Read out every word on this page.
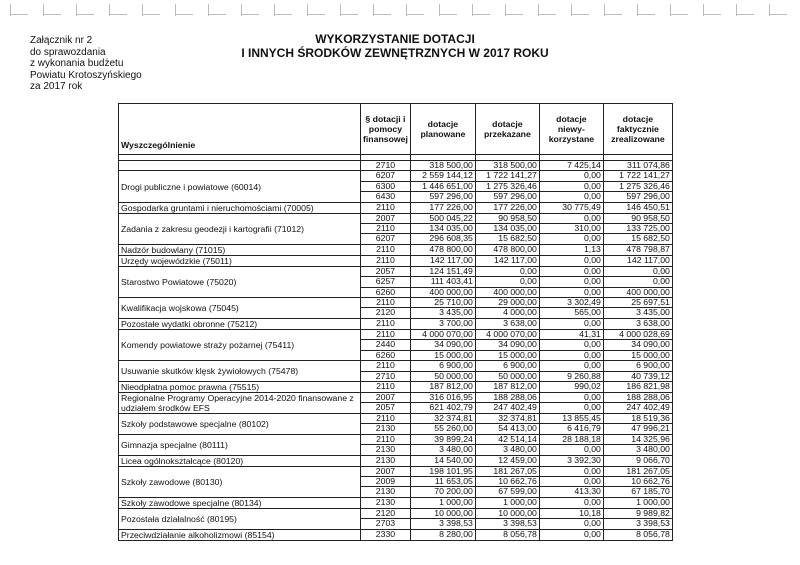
Załącznik nr 2
do sprawozdania
z wykonania budżetu
Powiatu Krotoszyńskiego
za 2017 rok
WYKORZYSTANIE DOTACJI
I INNYCH ŚRODKÓW ZEWNĘTRZNYCH W 2017 ROKU
Wyszczególnienie	§ dotacji i pomocy finansowej	dotacje planowane	dotacje przekazane	dotacje niewy-korzystane	dotacje faktycznie zrealizowane

	2710	318 500,00	318 500,00	7 425,14	311 074,86
Drogi publiczne i powiatowe (60014)	6207	2 559 144,12	1 722 141,27	0,00	1 722 141,27
	6300	1 446 651,00	1 275 326,46	0,00	1 275 326,46
	6430	597 296,00	597 296,00	0,00	597 296,00
Gospodarka gruntami i nieruchomościami (70005)	2110	177 226,00	177 226,00	30 775,49	146 450,51
Zadania z zakresu geodezji i kartografii (71012)	2007	500 045,22	90 958,50	0,00	90 958,50
	2110	134 035,00	134 035,00	310,00	133 725,00
	6207	296 608,35	15 682,50	0,00	15 682,50
Nadzór budowlany (71015)	2110	478 800,00	478 800,00	1,13	478 798,87
Urzędy wojewódzkie (75011)	2110	142 117,00	142 117,00	0,00	142 117,00
Starostwo Powiatowe (75020)	2057	124 151,49	0,00	0,00	0,00
	6257	111 403,41	0,00	0,00	0,00
	6260	400 000,00	400 000,00	0,00	400 000,00
Kwalifikacja wojskowa (75045)	2110	25 710,00	29 000,00	3 302,49	25 697,51
	2120	3 435,00	4 000,00	565,00	3 435,00
Pozostałe wydatki obronne (75212)	2110	3 700,00	3 638,00	0,00	3 638,00
Komendy powiatowe straży pożarnej (75411)	2110	4 000 070,00	4 000 070,00	41,31	4 000 028,69
	2440	34 090,00	34 090,00	0,00	34 090,00
	6260	15 000,00	15 000,00	0,00	15 000,00
Usuwanie skutków klęsk żywiołowych (75478)	2110	6 900,00	6 900,00	0,00	6 900,00
	2710	50 000,00	50 000,00	9 260,88	40 739,12
Nieodpłatna pomoc prawna (75515)	2110	187 812,00	187 812,00	990,02	186 821,98
Regionalne Programy Operacyjne 2014-2020 finansowane z udziałem środków EFS	2007	316 016,95	188 288,06	0,00	188 288,06
	2057	621 402,79	247 402,49	0,00	247 402,49
Szkoły podstawowe specjalne (80102)	2110	32 374,81	32 374,81	13 855,45	18 519,36
	2130	55 260,00	54 413,00	6 416,79	47 996,21
Gimnazja specjalne (80111)	2110	39 899,24	42 514,14	28 188,18	14 325,96
	2130	3 480,00	3 480,00	0,00	3 480,00
Licea ogólnokształcące (80120)	2130	14 540,00	12 459,00	3 392,30	9 066,70
Szkoły zawodowe (80130)	2007	198 101,95	181 267,05	0,00	181 267,05
	2009	11 653,05	10 662,76	0,00	10 662,76
	2130	70 200,00	67 599,00	413,30	67 185,70
Szkoły zawodowe specjalne (80134)	2130	1 000,00	1 000,00	0,00	1 000,00
Pozostała działalność (80195)	2120	10 000,00	10 000,00	10,18	9 989,82
	2703	3 398,53	3 398,53	0,00	3 398,53
Przeciwdziałanie alkoholizmowi (85154)	2330	8 280,00	8 056,78	0,00	8 056,78
